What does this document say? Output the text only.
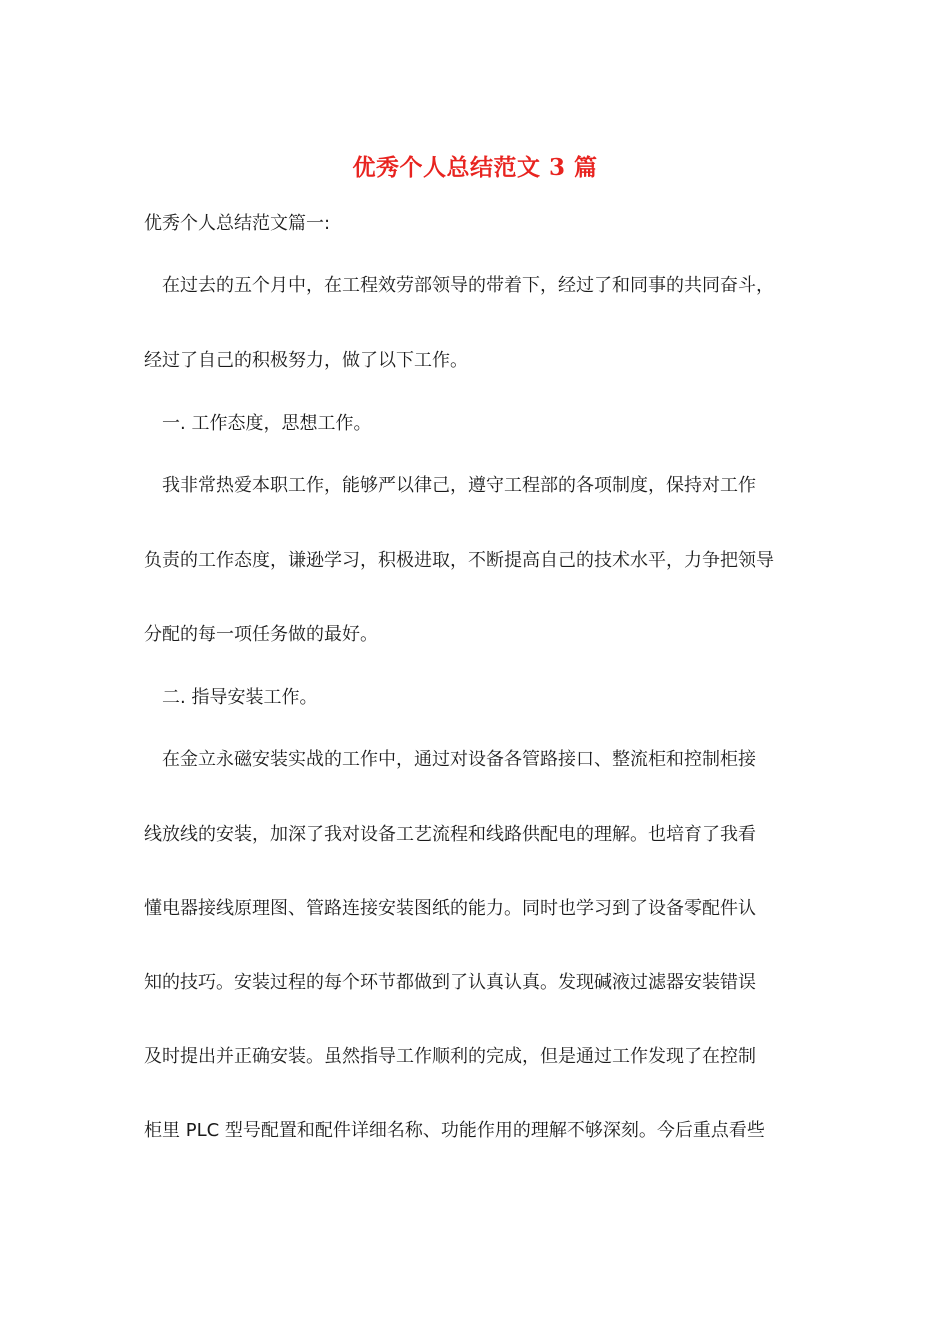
优秀个人总结范文 3 篇
优秀个人总结范文篇一:
在过去的五个月中，在工程效劳部领导的带着下，经过了和同事的共同奋斗，
经过了自己的积极努力，做了以下工作。
一. 工作态度，思想工作。
我非常热爱本职工作，能够严以律己，遵守工程部的各项制度，保持对工作
负责的工作态度，谦逊学习，积极进取，不断提高自己的技术水平，力争把领导
分配的每一项任务做的最好。
二. 指导安装工作。
在金立永磁安装实战的工作中，通过对设备各管路接口、整流柜和控制柜接
线放线的安装，加深了我对设备工艺流程和线路供配电的理解。也培育了我看
懂电器接线原理图、管路连接安装图纸的能力。同时也学习到了设备零配件认
知的技巧。安装过程的每个环节都做到了认真认真。发现碱液过滤器安装错误
及时提出并正确安装。虽然指导工作顺利的完成，但是通过工作发现了在控制
柜里 PLC 型号配置和配件详细名称、功能作用的理解不够深刻。今后重点看些
